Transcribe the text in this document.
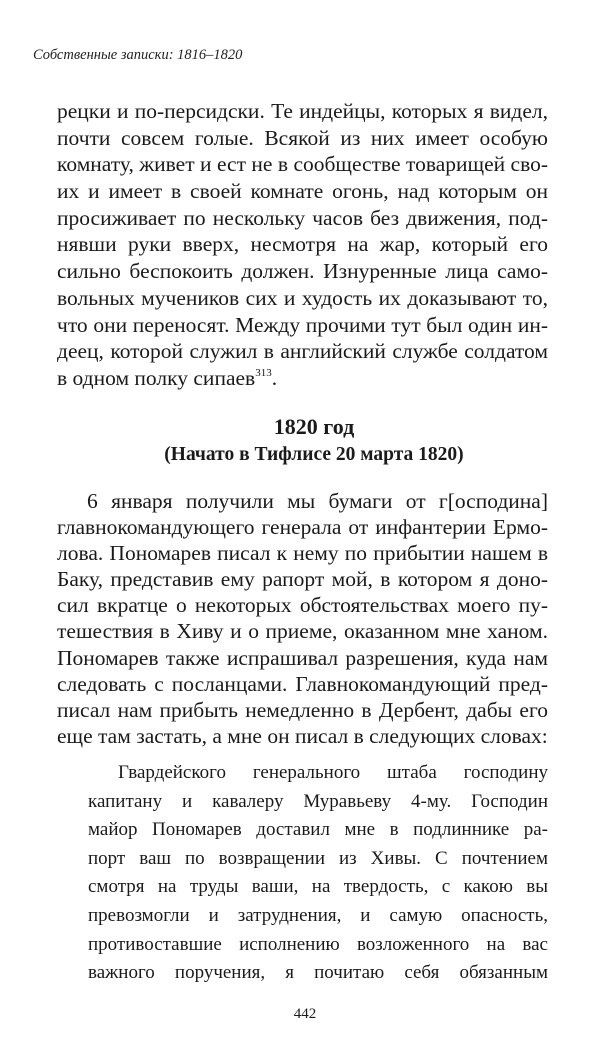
Собственные записки: 1816–1820
рецки и по-персидски. Те индейцы, которых я видел,
почти совсем голые. Всякой из них имеет особую
комнату, живет и ест не в сообществе товарищей сво-
их и имеет в своей комнате огонь, над которым он
просиживает по нескольку часов без движения, под-
нявши руки вверх, несмотря на жар, который его
сильно беспокоить должен. Изнуренные лица само-
вольных мучеников сих и худость их доказывают то,
что они переносят. Между прочими тут был один ин-
деец, которой служил в английский службе солдатом
в одном полку сипаев$^{313}$.
1820 год
(Начато в Тифлисе 20 марта 1820)
6 января получили мы бумаги от г[осподина]
главнокомандующего генерала от инфантерии Ермо-
лова. Пономарев писал к нему по прибытии нашем в
Баку, представив ему рапорт мой, в котором я доно-
сил вкратце о некоторых обстоятельствах моего пу-
тешествия в Хиву и о приеме, оказанном мне ханом.
Пономарев также испрашивал разрешения, куда нам
следовать с посланцами. Главнокомандующий пред-
писал нам прибыть немедленно в Дербент, дабы его
еще там застать, а мне он писал в следующих словах:
Гвардейского генерального штаба господину
капитану и кавалеру Муравьеву 4-му. Господин
майор Пономарев доставил мне в подлиннике ра-
порт ваш по возвращении из Хивы. С почтением
смотря на труды ваши, на твердость, с какою вы
превозмогли и затруднения, и самую опасность,
противоставшие исполнению возложенного на вас
важного поручения, я почитаю себя обязанным
442
